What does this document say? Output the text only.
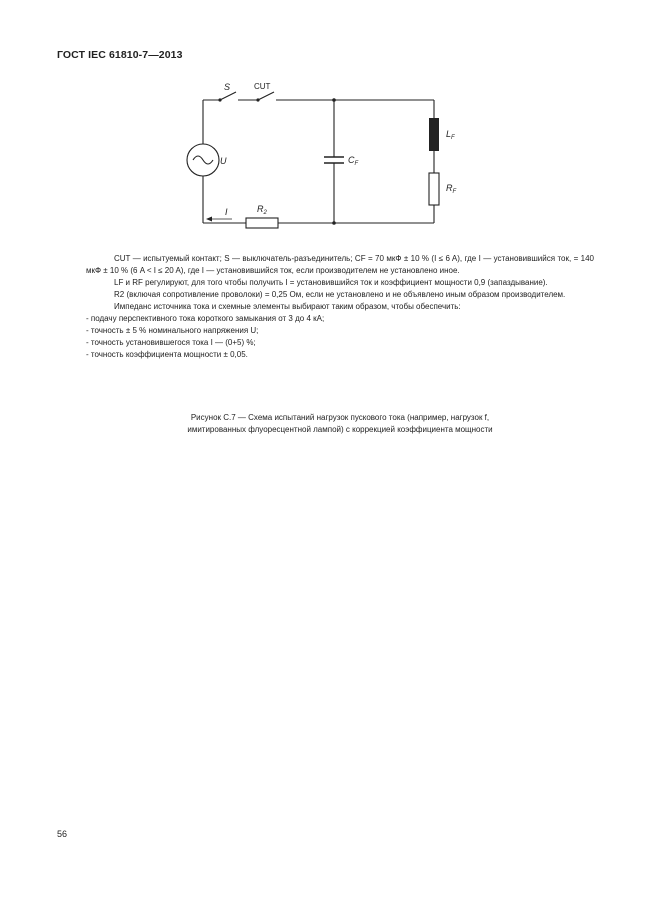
ГОСТ IEC 61810-7—2013
S	CUT
U	$C_F$
$L_F$
$R_F$
$R_2$
I

CUT — испытуемый контакт; S — выключатель-разъединитель; CF = 70 мкФ ± 10 % (I ≤ 6 A), где I — установившийся ток, = 140 мкФ ± 10 % (6 A < I ≤ 20 A), где I — установившийся ток, если производителем не установлено иное.

LF и RF регулируют, для того чтобы получить I = установившийся ток и коэффициент мощности 0,9 (запаздывание).

R2 (включая сопротивление проволоки) = 0,25 Ом, если не установлено и не объявлено иным образом производителем.

Импеданс источника тока и схемные элементы выбирают таким образом, чтобы обеспечить:

- подачу перспективного тока короткого замыкания от 3 до 4 кА;
- точность ± 5 % номинального напряжения U;
- точность установившегося тока I — (0+5) %;
- точность коэффициента мощности ± 0,05.
Рисунок С.7 — Схема испытаний нагрузок пускового тока (например, нагрузок f,
имитированных флуоресцентной лампой) с коррекцией коэффициента мощности
56
